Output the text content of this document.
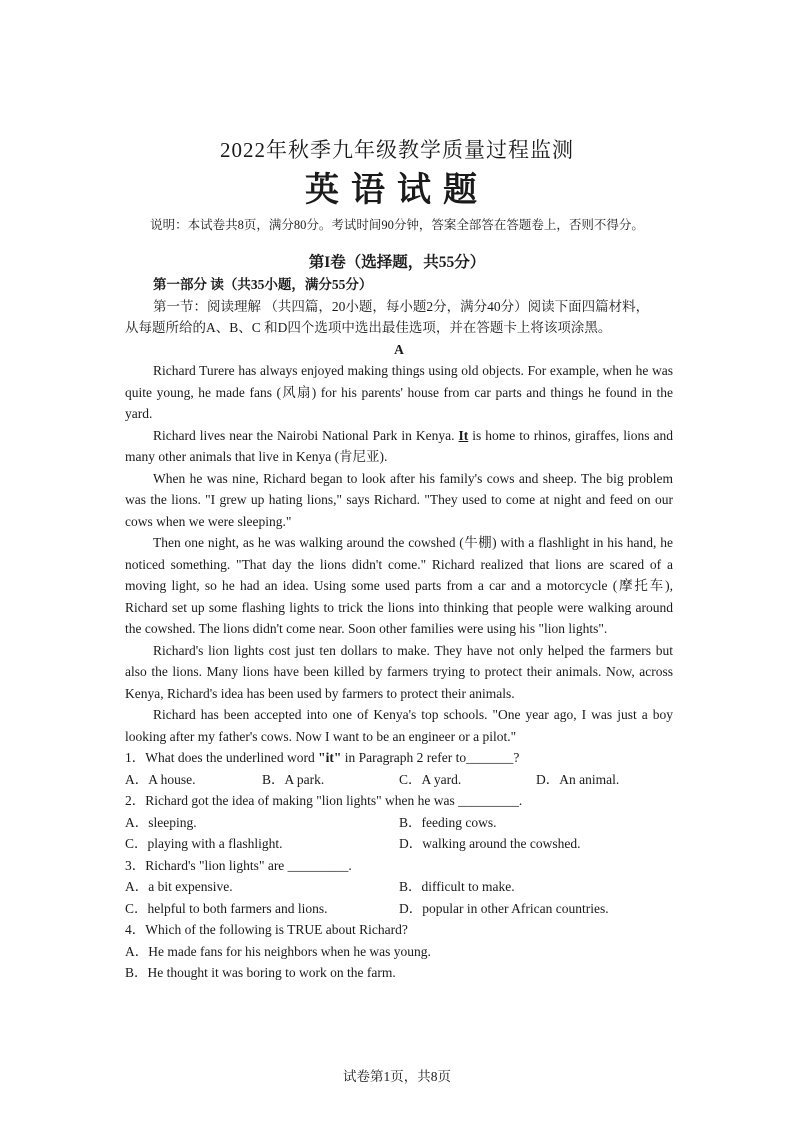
2022年秋季九年级教学质量过程监测
英语试题
说明：本试卷共8页，满分80分。考试时间90分钟，答案全部答在答题卷上，否则不得分。
第I卷（选择题，共55分）

第一部分 读（共35小题，满分55分）

第一节：阅读理解 （共四篇，20小题，每小题2分，满分40分）阅读下面四篇材料，

从每题所给的A、B、C 和D四个选项中选出最佳选项，并在答题卡上将该项涂黑。

A

Richard Turere has always enjoyed making things using old objects. For example, when he was quite young, he made fans (风扇) for his parents' house from car parts and things he found in the yard.

Richard lives near the Nairobi National Park in Kenya. It is home to rhinos, giraffes, lions and many other animals that live in Kenya (肯尼亚).

When he was nine, Richard began to look after his family's cows and sheep. The big problem was the lions. "I grew up hating lions," says Richard. "They used to come at night and feed on our cows when we were sleeping."

Then one night, as he was walking around the cowshed (牛棚) with a flashlight in his hand, he noticed something. "That day the lions didn't come." Richard realized that lions are scared of a moving light, so he had an idea. Using some used parts from a car and a motorcycle (摩托车), Richard set up some flashing lights to trick the lions into thinking that people were walking around the cowshed. The lions didn't come near. Soon other families were using his "lion lights".

Richard's lion lights cost just ten dollars to make. They have not only helped the farmers but also the lions. Many lions have been killed by farmers trying to protect their animals. Now, across Kenya, Richard's idea has been used by farmers to protect their animals.

Richard has been accepted into one of Kenya's top schools. "One year ago, I was just a boy looking after my father's cows. Now I want to be an engineer or a pilot."

1．What does the underlined word "it" in Paragraph 2 refer to_______?

A．A house.	B．A park.	C．A yard.	D．An animal.

2．Richard got the idea of making "lion lights" when he was _________.

A．sleeping.	B．feeding cows.
C．playing with a flashlight.	D．walking around the cowshed.

3．Richard's "lion lights" are _________.

A．a bit expensive.	B．difficult to make.
C．helpful to both farmers and lions.	D．popular in other African countries.

4．Which of the following is TRUE about Richard?

A．He made fans for his neighbors when he was young.

B．He thought it was boring to work on the farm.

试卷第1页，共8页
